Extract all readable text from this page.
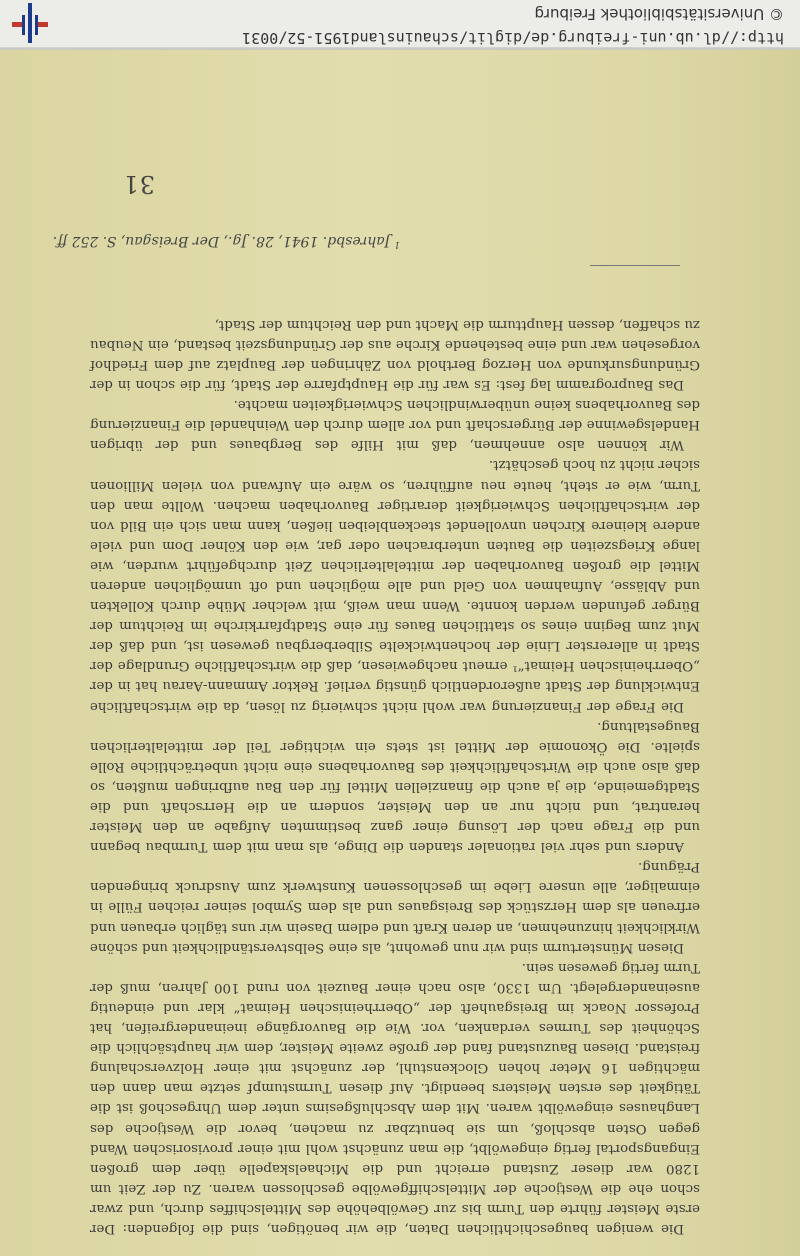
Die wenigen baugeschichtlichen Daten, die wir benötigen, sind die folgenden: Der erste Meister führte den Turm bis zur Gewölbehöhe des Mittelschiffes durch, und zwar schon ehe die Westjoche der Mittelschiffgewölbe geschlossen waren. Zu der Zeit um 1280 war dieser Zustand erreicht und die Michaelskapelle über dem großen Eingangsportal fertig eingewölbt, die man zunächst wohl mit einer provisorischen Wand gegen Osten abschloß, um sie benutzbar zu machen, bevor die Westjoche des Langhauses eingewölbt waren. Mit dem Abschlußgesims unter dem Uhrgeschoß ist die Tätigkeit des ersten Meisters beendigt. Auf diesen Turmstumpf setzte man dann den mächtigen 16 Meter hohen Glockenstuhl, der zunächst mit einer Holzverschalung freistand. Diesen Bauzustand fand der große zweite Meister, dem wir hauptsächlich die Schönheit des Turmes verdanken, vor. Wie die Bauvorgänge ineinandergreifen, hat Professor Noack im Breisgauheft der „Oberrheinischen Heimat“ klar und eindeutig auseinandergelegt. Um 1330, also nach einer Bauzeit von rund 100 Jahren, muß der Turm fertig gewesen sein.

Diesen Münsterturm sind wir nun gewohnt, als eine Selbstverständlichkeit und schöne Wirklichkeit hinzunehmen, an deren Kraft und edlem Dasein wir uns täglich erbauen und erfreuen als dem Herzstück des Breisgaues und als dem Symbol seiner reichen Fülle in einmaliger, alle unsere Liebe im geschlossenen Kunstwerk zum Ausdruck bringenden Prägung.

Anders und sehr viel rationaler standen die Dinge, als man mit dem Turmbau begann und die Frage nach der Lösung einer ganz bestimmten Aufgabe an den Meister herantrat, und nicht nur an den Meister, sondern an die Herrschaft und die Stadtgemeinde, die ja auch die finanziellen Mittel für den Bau aufbringen mußten, so daß also auch die Wirtschaftlichkeit des Bauvorhabens eine nicht unbeträchtliche Rolle spielte. Die Ökonomie der Mittel ist stets ein wichtiger Teil der mittelalterlichen Baugestaltung.

Die Frage der Finanzierung war wohl nicht schwierig zu lösen, da die wirtschaftliche Entwicklung der Stadt außerordentlich günstig verlief. Rektor Ammann-Aarau hat in der „Oberrheinischen Heimat“¹ erneut nachgewiesen, daß die wirtschaftliche Grundlage der Stadt in allererster Linie der hochentwickelte Silberbergbau gewesen ist, und daß der Mut zum Beginn eines so stattlichen Baues für eine Stadtpfarrkirche im Reichtum der Bürger gefunden werden konnte. Wenn man weiß, mit welcher Mühe durch Kollekten und Ablässe, Aufnahmen von Geld und alle möglichen und oft unmöglichen anderen Mittel die großen Bauvorhaben der mittelalterlichen Zeit durchgeführt wurden, wie lange Kriegszeiten die Bauten unterbrachen oder gar, wie den Kölner Dom und viele andere kleinere Kirchen unvollendet steckenbleiben ließen, kann man sich ein Bild von der wirtschaftlichen Schwierigkeit derartiger Bauvorhaben machen. Wollte man den Turm, wie er steht, heute neu aufführen, so wäre ein Aufwand von vielen Millionen sicher nicht zu hoch geschätzt.

Wir können also annehmen, daß mit Hilfe des Bergbaues und der übrigen Handelsgewinne der Bürgerschaft und vor allem durch den Weinhandel die Finanzierung des Bauvorhabens keine unüberwindlichen Schwierigkeiten machte.

Das Bauprogramm lag fest: Es war für die Hauptpfarre der Stadt, für die schon in der Gründungsurkunde von Herzog Berthold von Zähringen der Bauplatz auf dem Friedhof vorgesehen war und eine bestehende Kirche aus der Gründungszeit bestand, ein Neubau zu schaffen, dessen Hauptturm die Macht und den Reichtum der Stadt,

$^1$Jahresbd. 1941, 28. Jg., Der Breisgau, S. 252 ff.
31
http://dl.ub.uni-freiburg.de/diglit/schauinsland1951-52/0031
© Universitätsbibliothek Freiburg
